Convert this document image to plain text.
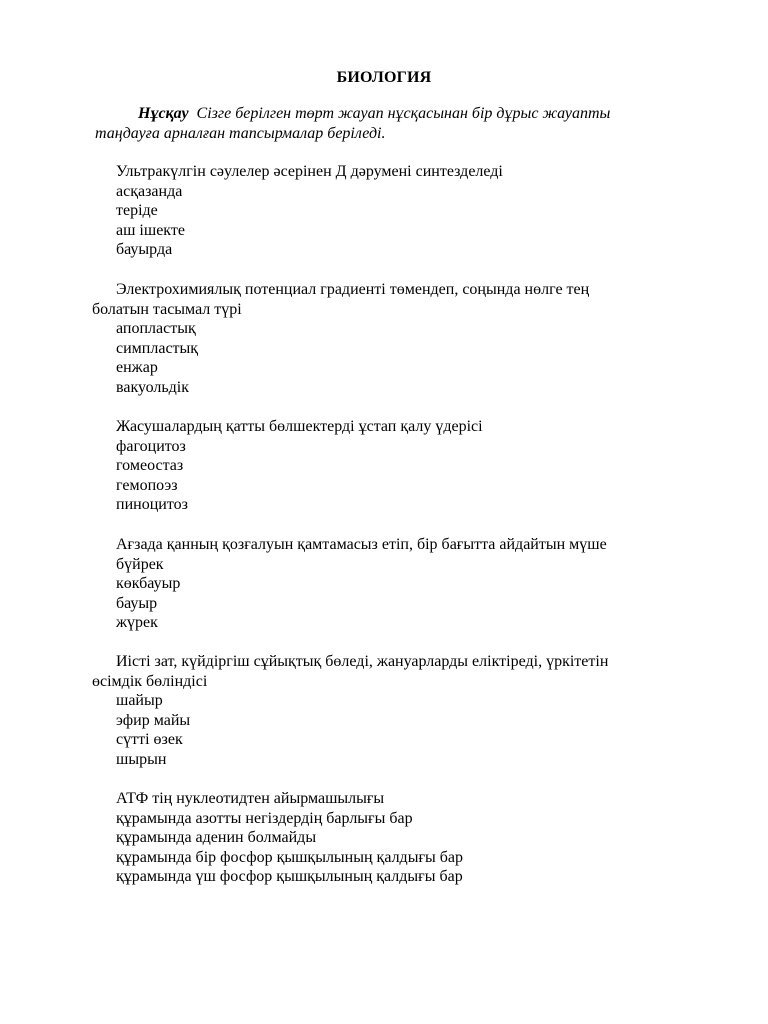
БИОЛОГИЯ
Нұсқау Сізге берілген төрт жауап нұсқасынан бір дұрыс жауапты
таңдауға арналған тапсырмалар беріледі.
Ультракүлгін сәулелер әсерінен Д дәрумені синтезделеді
асқазанда
теріде
аш ішекте
бауырда
Электрохимиялық потенциал градиенті төмендеп, соңында нөлге тең
болатын тасымал түрі
апопластық
симпластық
енжар
вакуольдік
Жасушалардың қатты бөлшектерді ұстап қалу үдерісі
фагоцитоз
гомеостаз
гемопоэз
пиноцитоз
Ағзада қанның қозғалуын қамтамасыз етіп, бір бағытта айдайтын мүше
бүйрек
көкбауыр
бауыр
жүрек
Иісті зат, күйдіргіш сұйықтық бөледі, жануарларды еліктіреді, үркітетін
өсімдік бөліндісі
шайыр
эфир майы
сүтті өзек
шырын
АТФ тің нуклеотидтен айырмашылығы
құрамында азотты негіздердің барлығы бар
құрамында аденин болмайды
құрамында бір фосфор қышқылының қалдығы бар
құрамында үш фосфор қышқылының қалдығы бар
